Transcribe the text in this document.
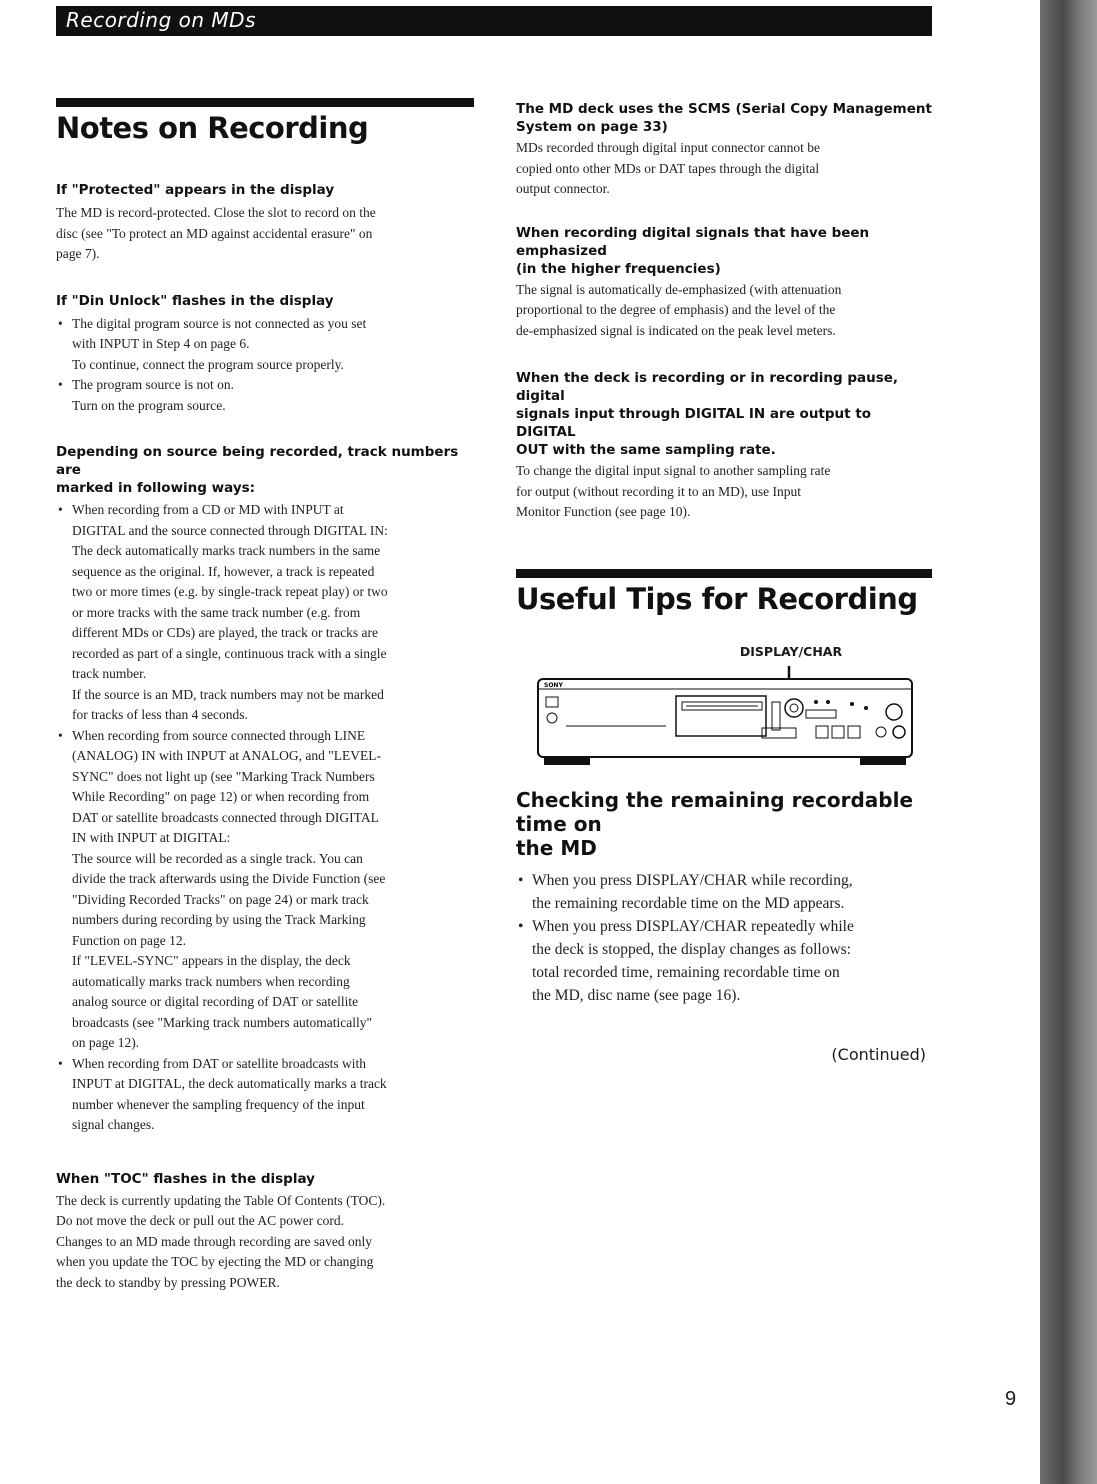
Recording on MDs
Notes on Recording
If "Protected" appears in the display

The MD is record-protected. Close the slot to record on the
disc (see "To protect an MD against accidental erasure" on
page 7).

If "Din Unlock" flashes in the display
• The digital program source is not connected as you set
with INPUT in Step 4 on page 6.
To continue, connect the program source properly.
• The program source is not on.
Turn on the program source.
Depending on source being recorded, track numbers are
marked in following ways:
• When recording from a CD or MD with INPUT at
DIGITAL and the source connected through DIGITAL IN:
The deck automatically marks track numbers in the same
sequence as the original. If, however, a track is repeated
two or more times (e.g. by single-track repeat play) or two
or more tracks with the same track number (e.g. from
different MDs or CDs) are played, the track or tracks are
recorded as part of a single, continuous track with a single
track number.
If the source is an MD, track numbers may not be marked
for tracks of less than 4 seconds.
• When recording from source connected through LINE
(ANALOG) IN with INPUT at ANALOG, and "LEVEL-
SYNC" does not light up (see "Marking Track Numbers
While Recording" on page 12) or when recording from
DAT or satellite broadcasts connected through DIGITAL
IN with INPUT at DIGITAL:
The source will be recorded as a single track. You can
divide the track afterwards using the Divide Function (see
"Dividing Recorded Tracks" on page 24) or mark track
numbers during recording by using the Track Marking
Function on page 12.
If "LEVEL-SYNC" appears in the display, the deck
automatically marks track numbers when recording
analog source or digital recording of DAT or satellite
broadcasts (see "Marking track numbers automatically"
on page 12).
• When recording from DAT or satellite broadcasts with
INPUT at DIGITAL, the deck automatically marks a track
number whenever the sampling frequency of the input
signal changes.
When "TOC" flashes in the display

The deck is currently updating the Table Of Contents (TOC).
Do not move the deck or pull out the AC power cord.
Changes to an MD made through recording are saved only
when you update the TOC by ejecting the MD or changing
the deck to standby by pressing POWER.

The MD deck uses the SCMS (Serial Copy Management
System on page 33)

MDs recorded through digital input connector cannot be
copied onto other MDs or DAT tapes through the digital
output connector.

When recording digital signals that have been emphasized
(in the higher frequencies)

The signal is automatically de-emphasized (with attenuation
proportional to the degree of emphasis) and the level of the
de-emphasized signal is indicated on the peak level meters.

When the deck is recording or in recording pause, digital
signals input through DIGITAL IN are output to DIGITAL
OUT with the same sampling rate.

To change the digital input signal to another sampling rate
for output (without recording it to an MD), use Input
Monitor Function (see page 10).

Useful Tips for Recording

DISPLAY/CHAR

SONY
Checking the remaining recordable time on
the MD
• When you press DISPLAY/CHAR while recording,
the remaining recordable time on the MD appears.
• When you press DISPLAY/CHAR repeatedly while
the deck is stopped, the display changes as follows:
total recorded time, remaining recordable time on
the MD, disc name (see page 16).

(Continued)

9
